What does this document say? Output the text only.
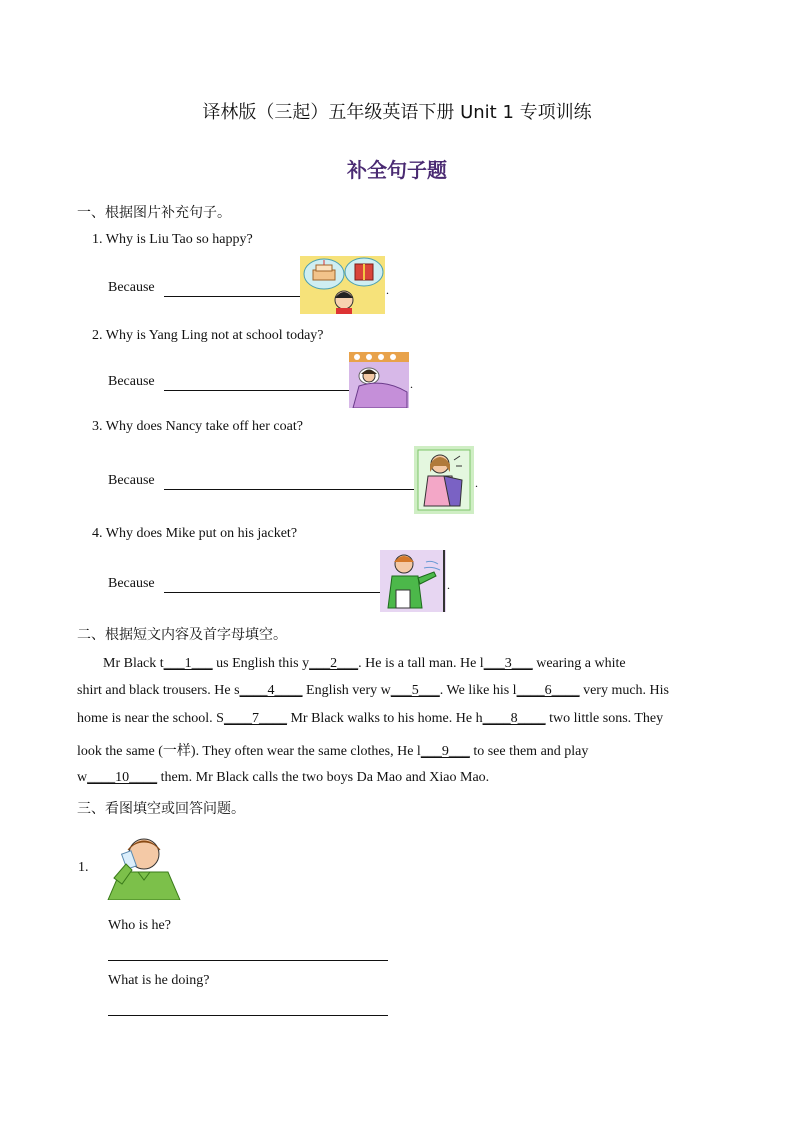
译林版（三起）五年级英语下册 Unit 1 专项训练
补全句子题
一、根据图片补充句子。
1. Why is Liu Tao so happy?
Because	.
2. Why is Yang Ling not at school today?
Because	.
3. Why does Nancy take off her coat?
Because	.
4. Why does Mike put on his jacket?
Because	.
二、根据短文内容及首字母填空。
Mr Black t___1___ us English this y___2___. He is a tall man. He l___3___ wearing a white
shirt and black trousers. He s____4____ English very w___5___. We like his l____6____ very much. His
home is near the school. S____7____ Mr Black walks to his home. He h____8____ two little sons. They
look the same (一样). They often wear the same clothes, He l___9___ to see them and play
w____10____ them. Mr Black calls the two boys Da Mao and Xiao Mao.
三、看图填空或回答问题。
1.
Who is he?
What is he doing?
